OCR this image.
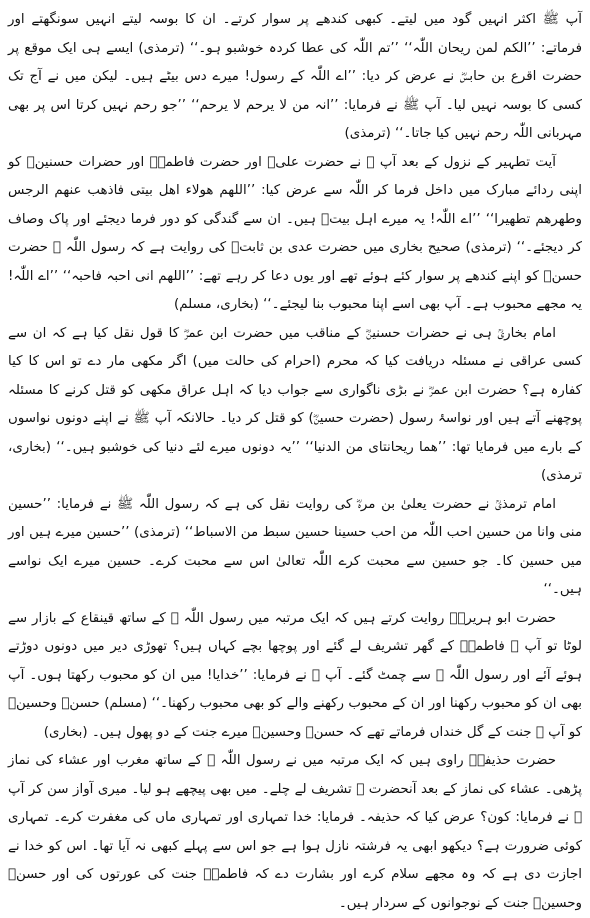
آپ ﷺ اکثر انہیں گود میں لیتے۔ کبھی کندھے پر سوار کرتے۔ ان کا بوسہ لیتے انہیں سونگھتے اور فرماتے: ’’الکم لمن ریحان اللّٰہ‘‘ ’’تم اللّٰہ کی عطا کردہ خوشبو ہو۔‘‘ (ترمذی) ایسے ہی ایک موقع پر حضرت اقرع بن حابسؓ نے عرض کر دیا: ’’اے اللّٰہ کے رسول! میرے دس بیٹے ہیں۔ لیکن میں نے آج تک کسی کا بوسہ نہیں لیا۔ آپ ﷺ نے فرمایا: ’’انہ من لا یرحم لا یرحم‘‘ ’’جو رحم نہیں کرتا اس پر بھی مہربانی اللّٰہ رحم نہیں کیا جاتا۔‘‘ (ترمذی)

آیت تطہیر کے نزول کے بعد آپ ﷺ نے حضرت علیؓ اور حضرت فاطمہؓ اور حضرات حسنینؓ کو اپنی ردائے مبارک میں داخل فرما کر اللّٰہ سے عرض کیا: ’’اللھم ھولاء اھل بیتی فاذھب عنھم الرجس وطھرھم تطھیرا‘‘ ’’اے اللّٰہ! یہ میرے اہل بیتؓ ہیں۔ ان سے گندگی کو دور فرما دیجئے اور پاک وصاف کر دیجئے۔‘‘ (ترمذی) صحیح بخاری میں حضرت عدی بن ثابتؓ کی روایت ہے کہ رسول اللّٰہ ﷺ حضرت حسنؓ کو اپنے کندھے پر سوار کئے ہوئے تھے اور یوں دعا کر رہے تھے: ’’اللھم انی احبہ فاحبہ‘‘ ’’اے اللّٰہ! یہ مجھے محبوب ہے۔ آپ بھی اسے اپنا محبوب بنا لیجئے۔‘‘ (بخاری، مسلم)

امام بخاریؒ ہی نے حضرات حسنینؓ کے مناقب میں حضرت ابن عمرؓ کا قول نقل کیا ہے کہ ان سے کسی عراقی نے مسئلہ دریافت کیا کہ محرم (احرام کی حالت میں) اگر مکھی مار دے تو اس کا کیا کفارہ ہے؟ حضرت ابن عمرؓ نے بڑی ناگواری سے جواب دیا کہ اہل عراق مکھی کو قتل کرنے کا مسئلہ پوچھنے آتے ہیں اور نواسۂ رسول (حضرت حسینؓ) کو قتل کر دیا۔ حالانکہ آپ ﷺ نے اپنے دونوں نواسوں کے بارے میں فرمایا تھا: ’’ھما ریحانتای من الدنیا‘‘ ’’یہ دونوں میرے لئے دنیا کی خوشبو ہیں۔‘‘ (بخاری، ترمذی)

امام ترمذیؒ نے حضرت یعلیٰ بن مرہؓ کی روایت نقل کی ہے کہ رسول اللّٰہ ﷺ نے فرمایا: ’’حسین منی وانا من حسین احب اللّٰہ من احب حسینا حسین سبط من الاسباط‘‘ (ترمذی) ’’حسین میرے ہیں اور میں حسین کا۔ جو حسین سے محبت کرے اللّٰہ تعالیٰ اس سے محبت کرے۔ حسین میرے ایک نواسے ہیں۔‘‘

حضرت ابو ہریرہؓ روایت کرتے ہیں کہ ایک مرتبہ میں رسول اللّٰہ ﷺ کے ساتھ قینقاع کے بازار سے لوٹا تو آپ ﷺ فاطمہؓ کے گھر تشریف لے گئے اور پوچھا بچے کہاں ہیں؟ تھوڑی دیر میں دونوں دوڑتے ہوئے آئے اور رسول اللّٰہ ﷺ سے چمٹ گئے۔ آپ ﷺ نے فرمایا: ’’خدایا! میں ان کو محبوب رکھتا ہوں۔ آپ بھی ان کو محبوب رکھنا اور ان کے محبوب رکھنے والے کو بھی محبوب رکھنا۔‘‘ (مسلم) حسنؓ وحسینؓ کو آپ ﷺ جنت کے گل خنداں فرماتے تھے کہ حسنؓ وحسینؓ میرے جنت کے دو پھول ہیں۔ (بخاری)

حضرت حذیفہؓ راوی ہیں کہ ایک مرتبہ میں نے رسول اللّٰہ ﷺ کے ساتھ مغرب اور عشاء کی نماز پڑھی۔ عشاء کی نماز کے بعد آنحضرت ﷺ تشریف لے چلے۔ میں بھی پیچھے ہو لیا۔ میری آواز سن کر آپ ﷺ نے فرمایا: کون؟ عرض کیا کہ حذیفہ۔ فرمایا: خدا تمہاری اور تمہاری ماں کی مغفرت کرے۔ تمہاری کوئی ضرورت ہے؟ دیکھو ابھی یہ فرشتہ نازل ہوا ہے جو اس سے پہلے کبھی نہ آیا تھا۔ اس کو خدا نے اجازت دی ہے کہ وہ مجھے سلام کرے اور بشارت دے کہ فاطمہؓ جنت کی عورتوں کی اور حسنؓ وحسینؓ جنت کے نوجوانوں کے سردار ہیں۔
